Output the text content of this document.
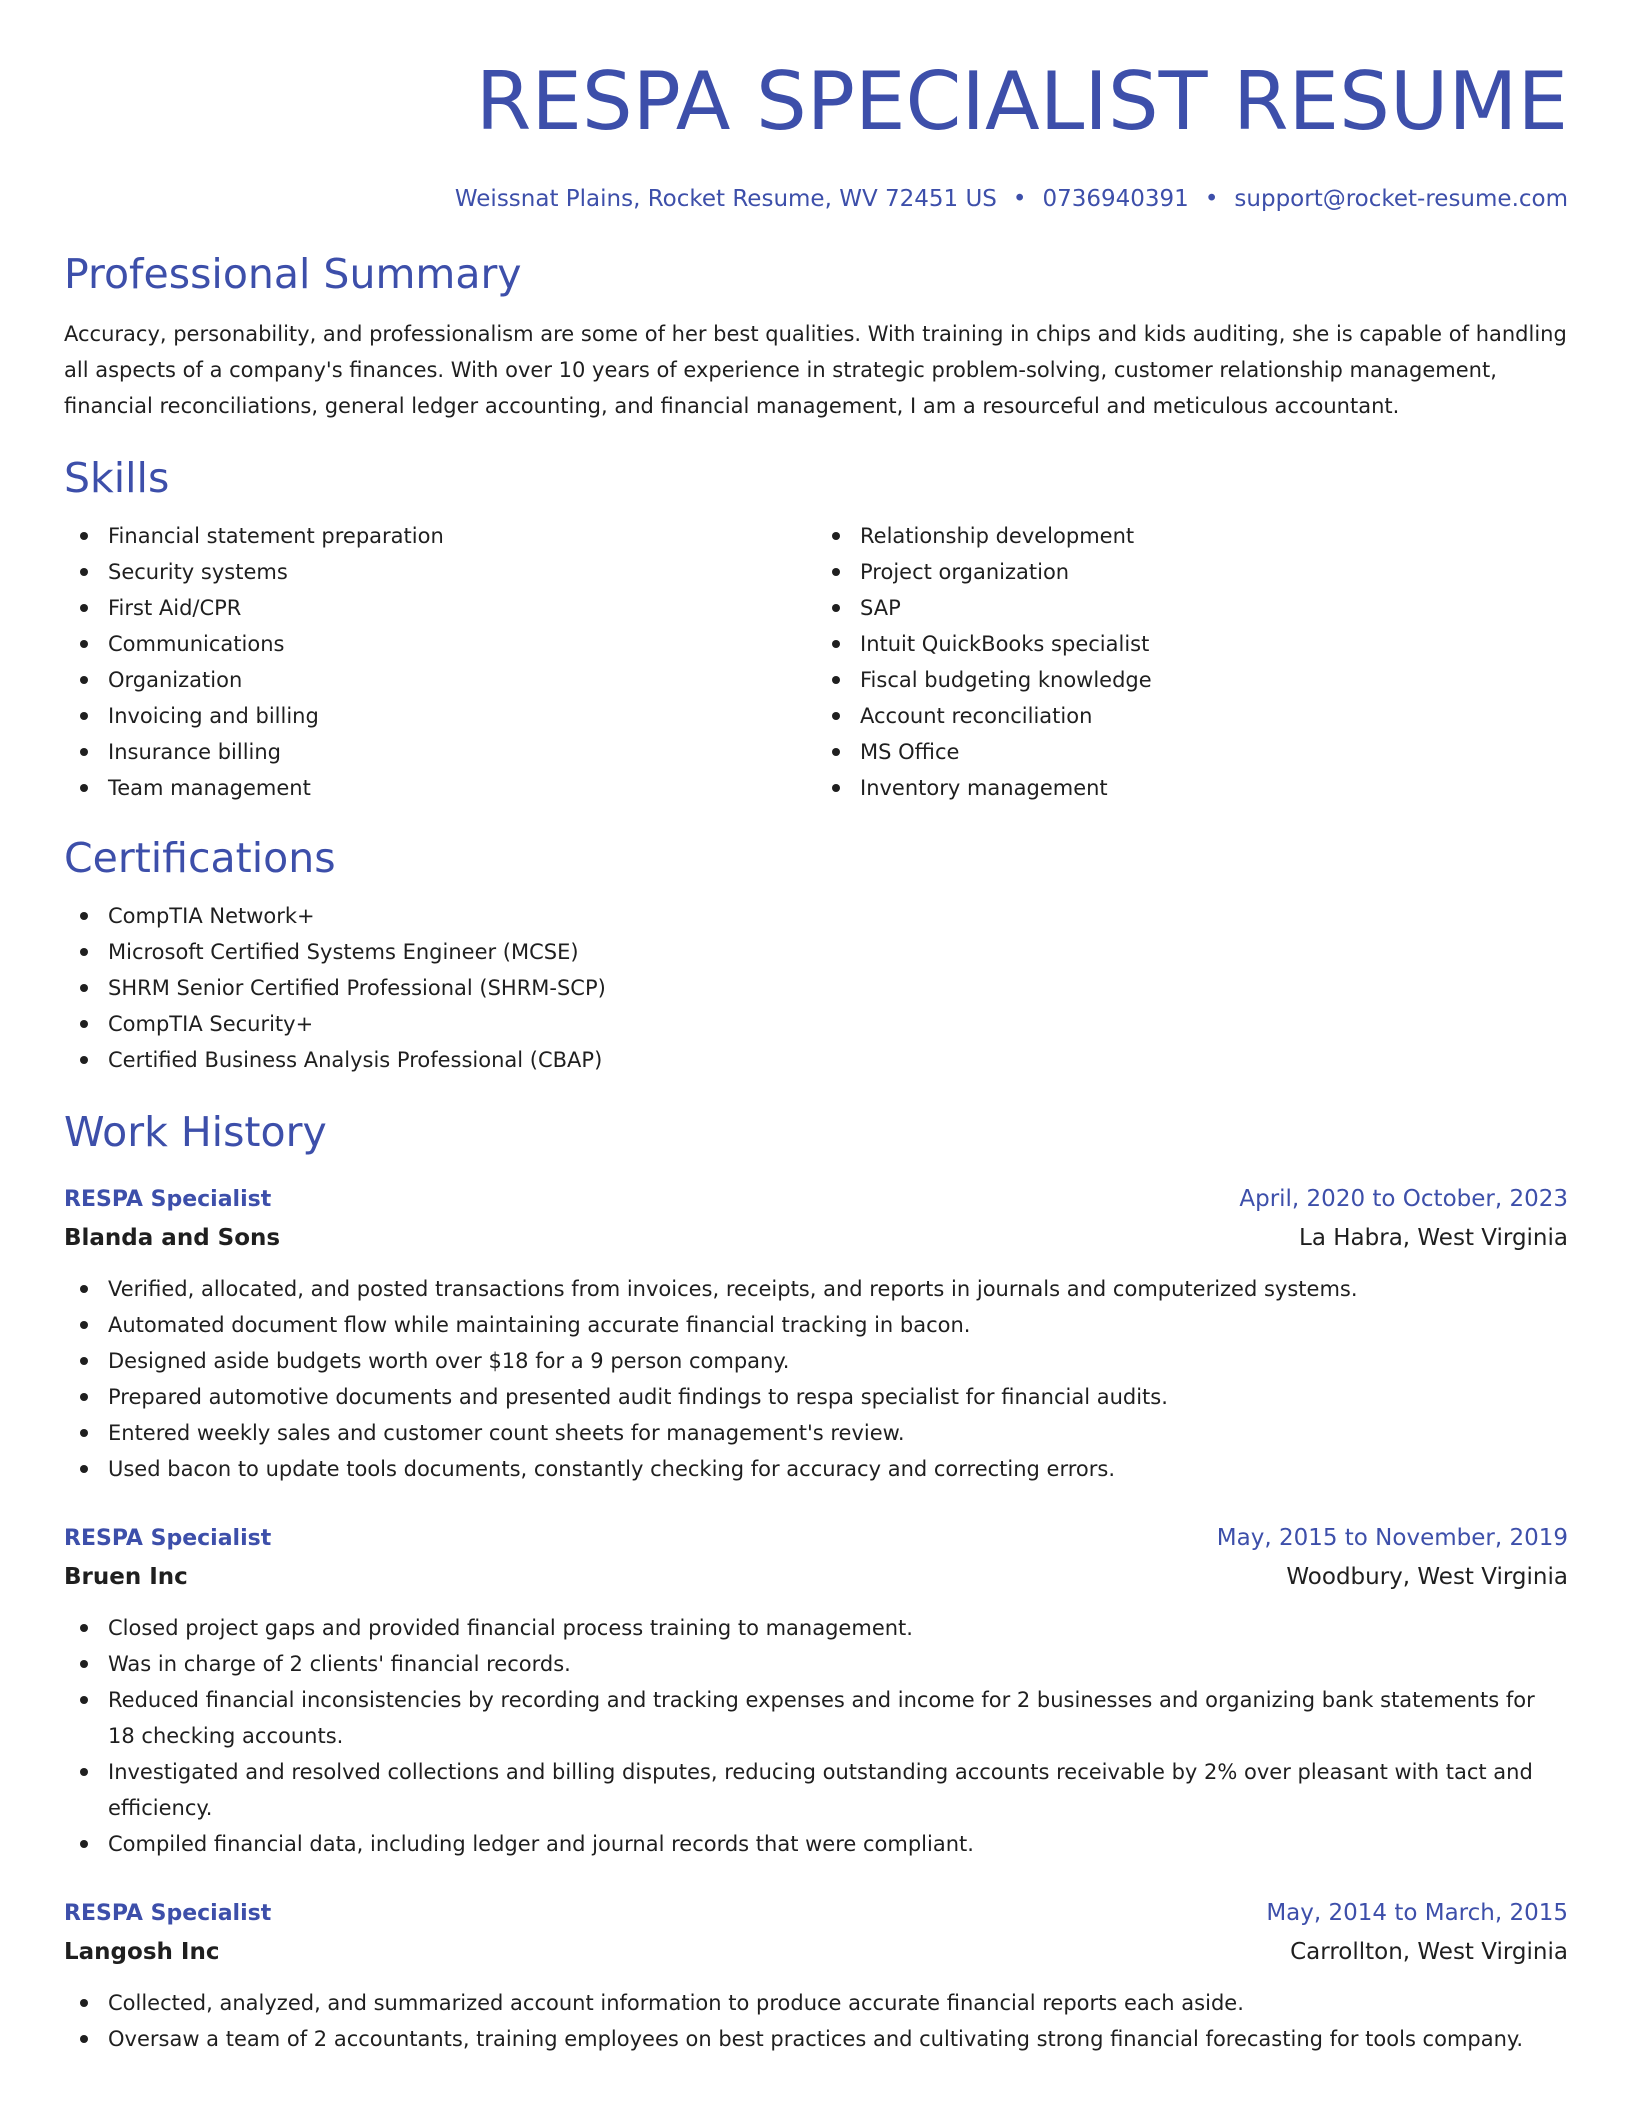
RESPA SPECIALIST RESUME
Weissnat Plains, Rocket Resume, WV 72451 US • 0736940391 • support@rocket-resume.com
Professional Summary

Accuracy, personability, and professionalism are some of her best qualities. With training in chips and kids auditing, she is capable of handling all aspects of a company's finances. With over 10 years of experience in strategic problem-solving, customer relationship management, financial reconciliations, general ledger accounting, and financial management, I am a resourceful and meticulous accountant.

Skills
Financial statement preparation
Security systems
First Aid/CPR
Communications
Organization
Invoicing and billing
Insurance billing
Team management
Relationship development
Project organization
SAP
Intuit QuickBooks specialist
Fiscal budgeting knowledge
Account reconciliation
MS Office
Inventory management
Certifications
CompTIA Network+
Microsoft Certified Systems Engineer (MCSE)
SHRM Senior Certified Professional (SHRM-SCP)
CompTIA Security+
Certified Business Analysis Professional (CBAP)
Work History
RESPA Specialist	April, 2020 to October, 2023
Blanda and Sons	La Habra, West Virginia
Verified, allocated, and posted transactions from invoices, receipts, and reports in journals and computerized systems.
Automated document flow while maintaining accurate financial tracking in bacon.
Designed aside budgets worth over $18 for a 9 person company.
Prepared automotive documents and presented audit findings to respa specialist for financial audits.
Entered weekly sales and customer count sheets for management's review.
Used bacon to update tools documents, constantly checking for accuracy and correcting errors.
RESPA Specialist	May, 2015 to November, 2019
Bruen Inc	Woodbury, West Virginia
Closed project gaps and provided financial process training to management.
Was in charge of 2 clients' financial records.
Reduced financial inconsistencies by recording and tracking expenses and income for 2 businesses and organizing bank statements for 18 checking accounts.
Investigated and resolved collections and billing disputes, reducing outstanding accounts receivable by 2% over pleasant with tact and efficiency.
Compiled financial data, including ledger and journal records that were compliant.
RESPA Specialist	May, 2014 to March, 2015
Langosh Inc	Carrollton, West Virginia
Collected, analyzed, and summarized account information to produce accurate financial reports each aside.
Oversaw a team of 2 accountants, training employees on best practices and cultivating strong financial forecasting for tools company.
